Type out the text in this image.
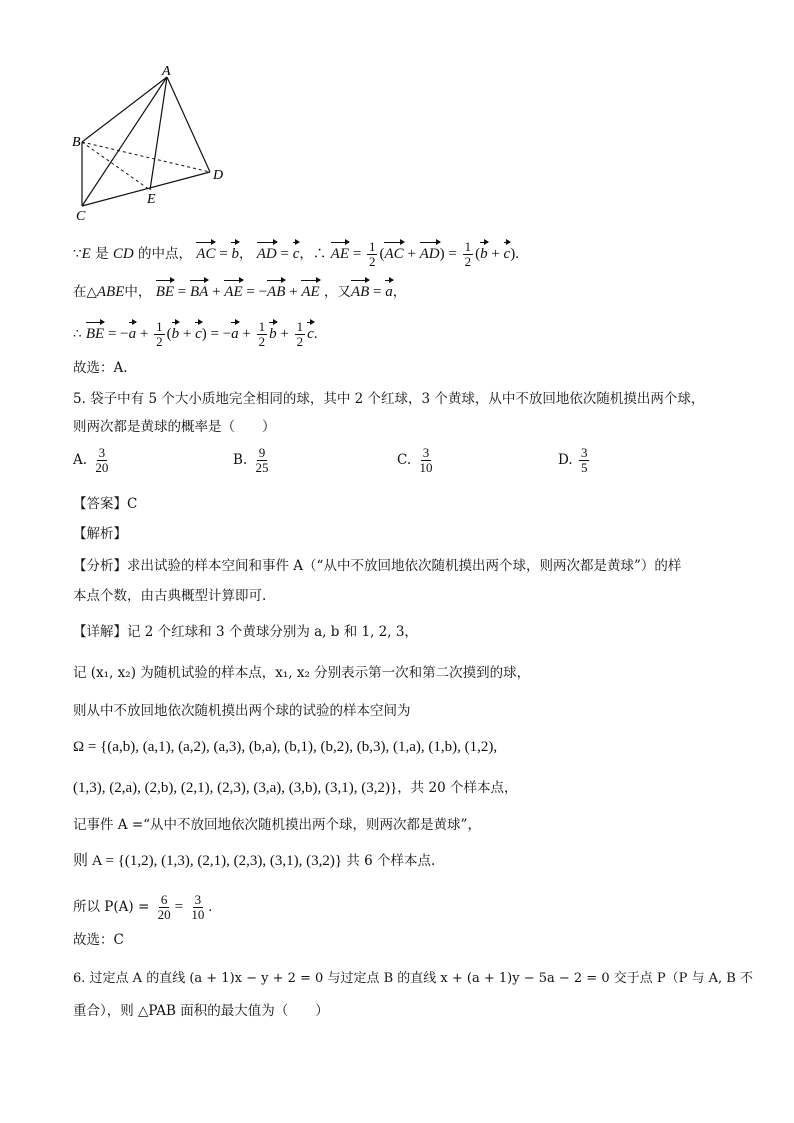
A
B
C
D
E
∵E 是 CD 的中点， AC = b， AD = c，∴ AE = $\frac{1}{2} (AC + AD) = \frac{1}{2} (b + c)$.
在△ABE中， BE = BA + AE = −AB + AE ，又AB = a，
∴ BE = $-a + \frac{1}{2} (b + c) = -a + \frac{1}{2}$ $b + \frac{1}{2} c$.
故选：A.
5. 袋子中有 5 个大小质地完全相同的球，其中 2 个红球，3 个黄球，从中不放回地依次随机摸出两个球，
则两次都是黄球的概率是（　　）
A. $\frac{3}{20}$	B. $\frac{9}{25}$	C. $\frac{3}{10}$	D. $\frac{3}{5}$
【答案】C
【解析】
【分析】求出试验的样本空间和事件 A（“从中不放回地依次随机摸出两个球，则两次都是黄球”）的样
本点个数，由古典概型计算即可.
【详解】记 2 个红球和 3 个黄球分别为 a, b 和 1, 2, 3，
记 (x₁, x₂) 为随机试验的样本点，x₁, x₂ 分别表示第一次和第二次摸到的球，
则从中不放回地依次随机摸出两个球的试验的样本空间为
Ω = {(a,b), (a,1), (a,2), (a,3), (b,a), (b,1), (b,2), (b,3), (1,a), (1,b), (1,2),
(1,3), (2,a), (2,b), (2,1), (2,3), (3,a), (3,b), (3,1), (3,2)}，共 20 个样本点，
记事件 A =“从中不放回地依次随机摸出两个球，则两次都是黄球”，
则 A = {(1,2), (1,3), (2,1), (2,3), (3,1), (3,2)} 共 6 个样本点.
所以 $P(A) = \frac{6}{20} = \frac{3}{10}$ .
故选：C
6. 过定点 A 的直线 (a + 1)x − y + 2 = 0 与过定点 B 的直线 x + (a + 1)y − 5a − 2 = 0 交于点 P（P 与 A, B 不
重合），则 △PAB 面积的最大值为（　　）
